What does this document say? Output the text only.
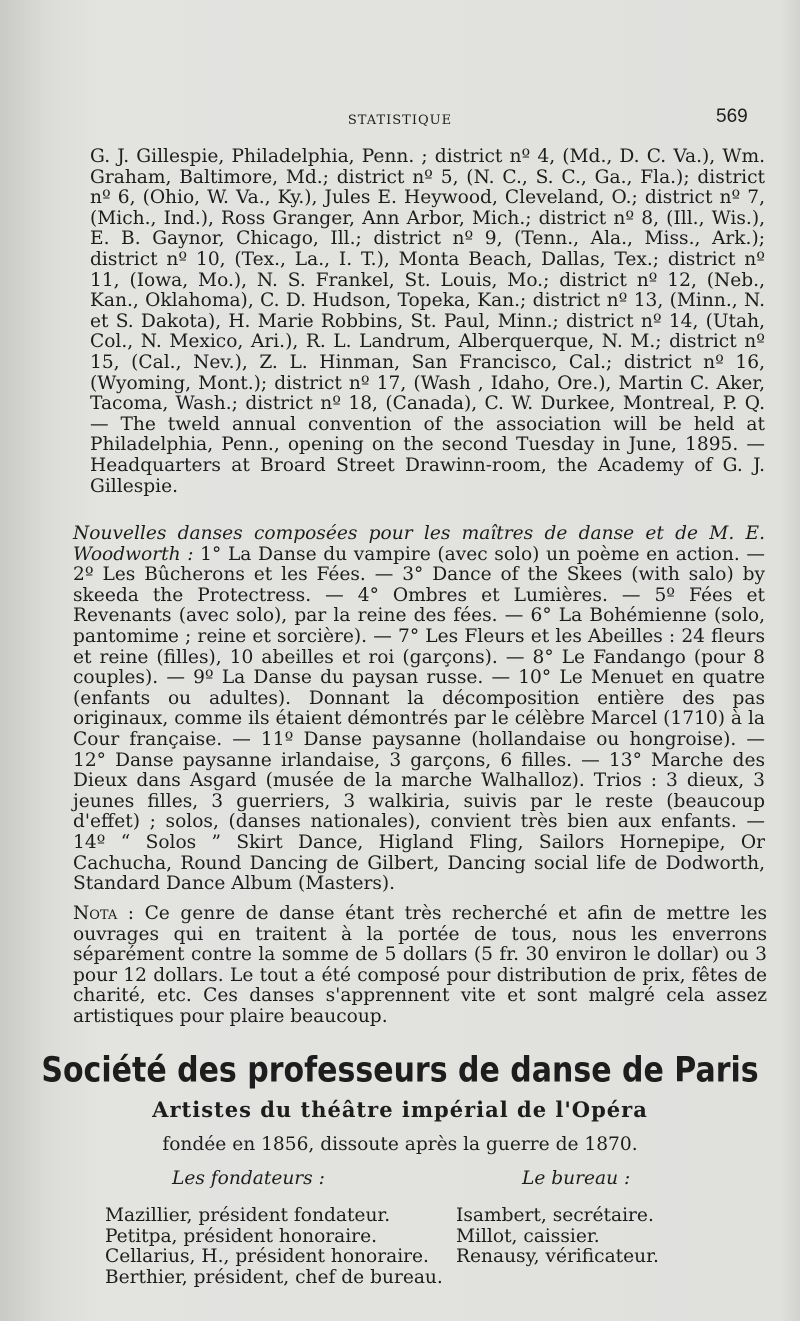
STATISTIQUE	569

G. J. Gillespie, Philadelphia, Penn. ; district nº 4, (Md., D. C. Va.), Wm. Graham, Baltimore, Md.; district nº 5, (N. C., S. C., Ga., Fla.); district nº 6, (Ohio, W. Va., Ky.), Jules E. Heywood, Cleveland, O.; district nº 7, (Mich., Ind.), Ross Granger, Ann Arbor, Mich.; district nº 8, (Ill., Wis.), E. B. Gaynor, Chicago, Ill.; district nº 9, (Tenn., Ala., Miss., Ark.); district nº 10, (Tex., La., I. T.), Monta Beach, Dallas, Tex.; district nº 11, (Iowa, Mo.), N. S. Frankel, St. Louis, Mo.; district nº 12, (Neb., Kan., Oklahoma), C. D. Hudson, Topeka, Kan.; district nº 13, (Minn., N. et S. Dakota), H. Marie Robbins, St. Paul, Minn.; district nº 14, (Utah, Col., N. Mexico, Ari.), R. L. Landrum, Alberquerque, N. M.; district nº 15, (Cal., Nev.), Z. L. Hinman, San Francisco, Cal.; district nº 16, (Wyoming, Mont.); district nº 17, (Wash , Idaho, Ore.), Martin C. Aker, Tacoma, Wash.; district nº 18, (Canada), C. W. Durkee, Montreal, P. Q. — The tweld annual convention of the association will be held at Philadelphia, Penn., opening on the second Tuesday in June, 1895. — Headquarters at Broard Street Drawinn-room, the Academy of G. J. Gillespie.

Nouvelles danses composées pour les maîtres de danse et de M. E. Woodworth : 1° La Danse du vampire (avec solo) un poème en action. — 2º Les Bûcherons et les Fées. — 3° Dance of the Skees (with salo) by skeeda the Protectress. — 4° Ombres et Lumières. — 5º Fées et Revenants (avec solo), par la reine des fées. — 6° La Bohémienne (solo, pantomime ; reine et sorcière). — 7° Les Fleurs et les Abeilles : 24 fleurs et reine (filles), 10 abeilles et roi (garçons). — 8° Le Fandango (pour 8 couples). — 9º La Danse du paysan russe. — 10° Le Menuet en quatre (enfants ou adultes). Donnant la décomposition entière des pas originaux, comme ils étaient démontrés par le célèbre Marcel (1710) à la Cour française. — 11º Danse paysanne (hollandaise ou hongroise). — 12° Danse paysanne irlandaise, 3 garçons, 6 filles. — 13° Marche des Dieux dans Asgard (musée de la marche Walhalloz). Trios : 3 dieux, 3 jeunes filles, 3 guerriers, 3 walkiria, suivis par le reste (beaucoup d'effet) ; solos, (danses nationales), convient très bien aux enfants. — 14º “ Solos ” Skirt Dance, Higland Fling, Sailors Hornepipe, Or Cachucha, Round Dancing de Gilbert, Dancing social life de Dodworth, Standard Dance Album (Masters).

Nota : Ce genre de danse étant très recherché et afin de mettre les ouvrages qui en traitent à la portée de tous, nous les enverrons séparément contre la somme de 5 dollars (5 fr. 30 environ le dollar) ou 3 pour 12 dollars. Le tout a été composé pour distribution de prix, fêtes de charité, etc. Ces danses s'apprennent vite et sont malgré cela assez artistiques pour plaire beaucoup.

Société des professeurs de danse de Paris
Artistes du théâtre impérial de l'Opéra
fondée en 1856, dissoute après la guerre de 1870.
Les fondateurs :	Le bureau :
Mazillier, président fondateur.
Petitpa, président honoraire.
Cellarius, H., président honoraire.
Berthier, président, chef de bureau.
Isambert, secrétaire.
Millot, caissier.
Renausy, vérificateur.
